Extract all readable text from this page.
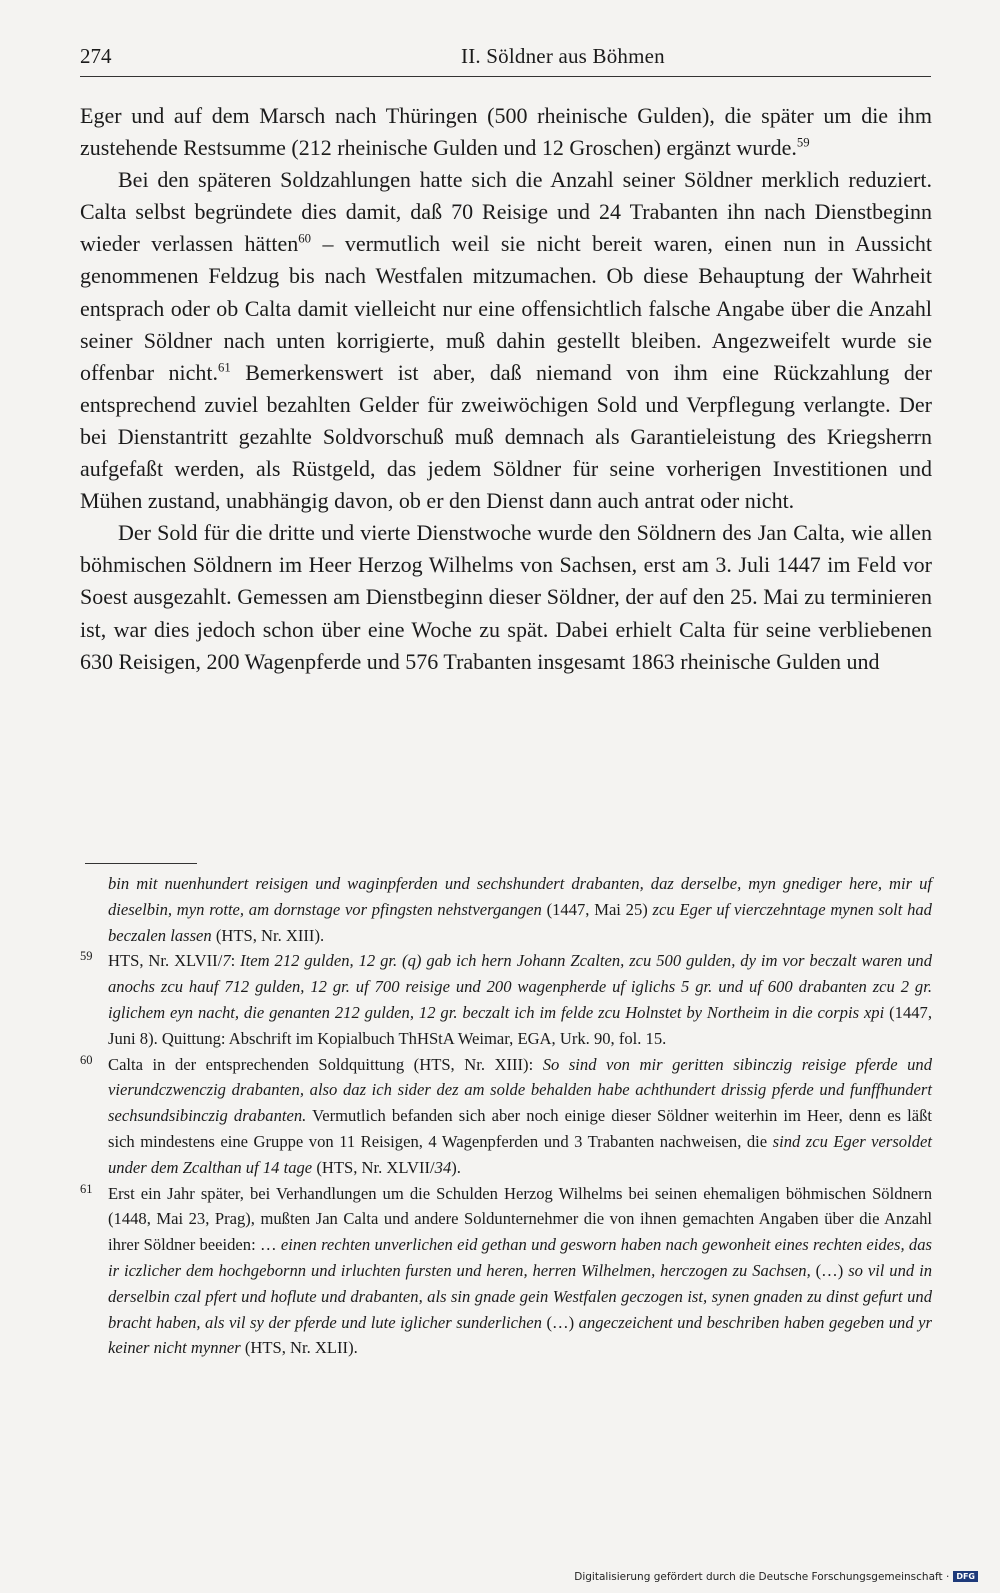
274	II. Söldner aus Böhmen

Eger und auf dem Marsch nach Thüringen (500 rheinische Gulden), die später um die ihm zustehende Restsumme (212 rheinische Gulden und 12 Groschen) ergänzt wurde.$^{59}$

Bei den späteren Soldzahlungen hatte sich die Anzahl seiner Söldner merklich reduziert. Calta selbst begründete dies damit, daß 70 Reisige und 24 Trabanten ihn nach Dienstbeginn wieder verlassen hätten$^{60}$ – vermutlich weil sie nicht bereit waren, einen nun in Aussicht genommenen Feldzug bis nach Westfalen mitzumachen. Ob diese Behauptung der Wahrheit entsprach oder ob Calta damit vielleicht nur eine offensichtlich falsche Angabe über die Anzahl seiner Söldner nach unten korrigierte, muß dahin gestellt bleiben. Angezweifelt wurde sie offenbar nicht.$^{61}$ Bemerkenswert ist aber, daß niemand von ihm eine Rückzahlung der entsprechend zuviel bezahlten Gelder für zweiwöchigen Sold und Verpflegung verlangte. Der bei Dienstantritt gezahlte Soldvorschuß muß demnach als Garantieleistung des Kriegsherrn aufgefaßt werden, als Rüstgeld, das jedem Söldner für seine vorherigen Investitionen und Mühen zustand, unabhängig davon, ob er den Dienst dann auch antrat oder nicht.

Der Sold für die dritte und vierte Dienstwoche wurde den Söldnern des Jan Calta, wie allen böhmischen Söldnern im Heer Herzog Wilhelms von Sachsen, erst am 3. Juli 1447 im Feld vor Soest ausgezahlt. Gemessen am Dienstbeginn dieser Söldner, der auf den 25. Mai zu terminieren ist, war dies jedoch schon über eine Woche zu spät. Dabei erhielt Calta für seine verbliebenen 630 Reisigen, 200 Wagenpferde und 576 Trabanten insgesamt 1863 rheinische Gulden und

bin mit nuenhundert reisigen und waginpferden und sechshundert drabanten, daz derselbe, myn gnediger here, mir uf dieselbin, myn rotte, am dornstage vor pfingsten nehstvergangen (1447, Mai 25) zcu Eger uf vierczehntage mynen solt had beczalen lassen (HTS, Nr. XIII).

59 HTS, Nr. XLVII/7: Item 212 gulden, 12 gr. (q) gab ich hern Johann Zcalten, zcu 500 gulden, dy im vor beczalt waren und anochs zcu hauf 712 gulden, 12 gr. uf 700 reisige und 200 wagenpherde uf iglichs 5 gr. und uf 600 drabanten zcu 2 gr. iglichem eyn nacht, die genanten 212 gulden, 12 gr. beczalt ich im felde zcu Holnstet by Northeim in die corpis xpi (1447, Juni 8). Quittung: Abschrift im Kopialbuch ThHStA Weimar, EGA, Urk. 90, fol. 15.

60 Calta in der entsprechenden Soldquittung (HTS, Nr. XIII): So sind von mir geritten sibinczig reisige pferde und vierundczwenczig drabanten, also daz ich sider dez am solde behalden habe achthundert drissig pferde und funffhundert sechsundsibinczig drabanten. Vermutlich befanden sich aber noch einige dieser Söldner weiterhin im Heer, denn es läßt sich mindestens eine Gruppe von 11 Reisigen, 4 Wagenpferden und 3 Trabanten nachweisen, die sind zcu Eger versoldet under dem Zcalthan uf 14 tage (HTS, Nr. XLVII/34).

61 Erst ein Jahr später, bei Verhandlungen um die Schulden Herzog Wilhelms bei seinen ehemaligen böhmischen Söldnern (1448, Mai 23, Prag), mußten Jan Calta und andere Soldunternehmer die von ihnen gemachten Angaben über die Anzahl ihrer Söldner beeiden: … einen rechten unverlichen eid gethan und gesworn haben nach gewonheit eines rechten eides, das ir iczlicher dem hochgebornn und irluchten fursten und heren, herren Wilhelmen, herczogen zu Sachsen, (…) so vil und in derselbin czal pfert und hoflute und drabanten, als sin gnade gein Westfalen geczogen ist, synen gnaden zu dinst gefurt und bracht haben, als vil sy der pferde und lute iglicher sunderlichen (…) angeczeichent und beschriben haben gegeben und yr keiner nicht mynner (HTS, Nr. XLII).

Digitalisierung gefördert durch die Deutsche Forschungsgemeinschaft · DFG
